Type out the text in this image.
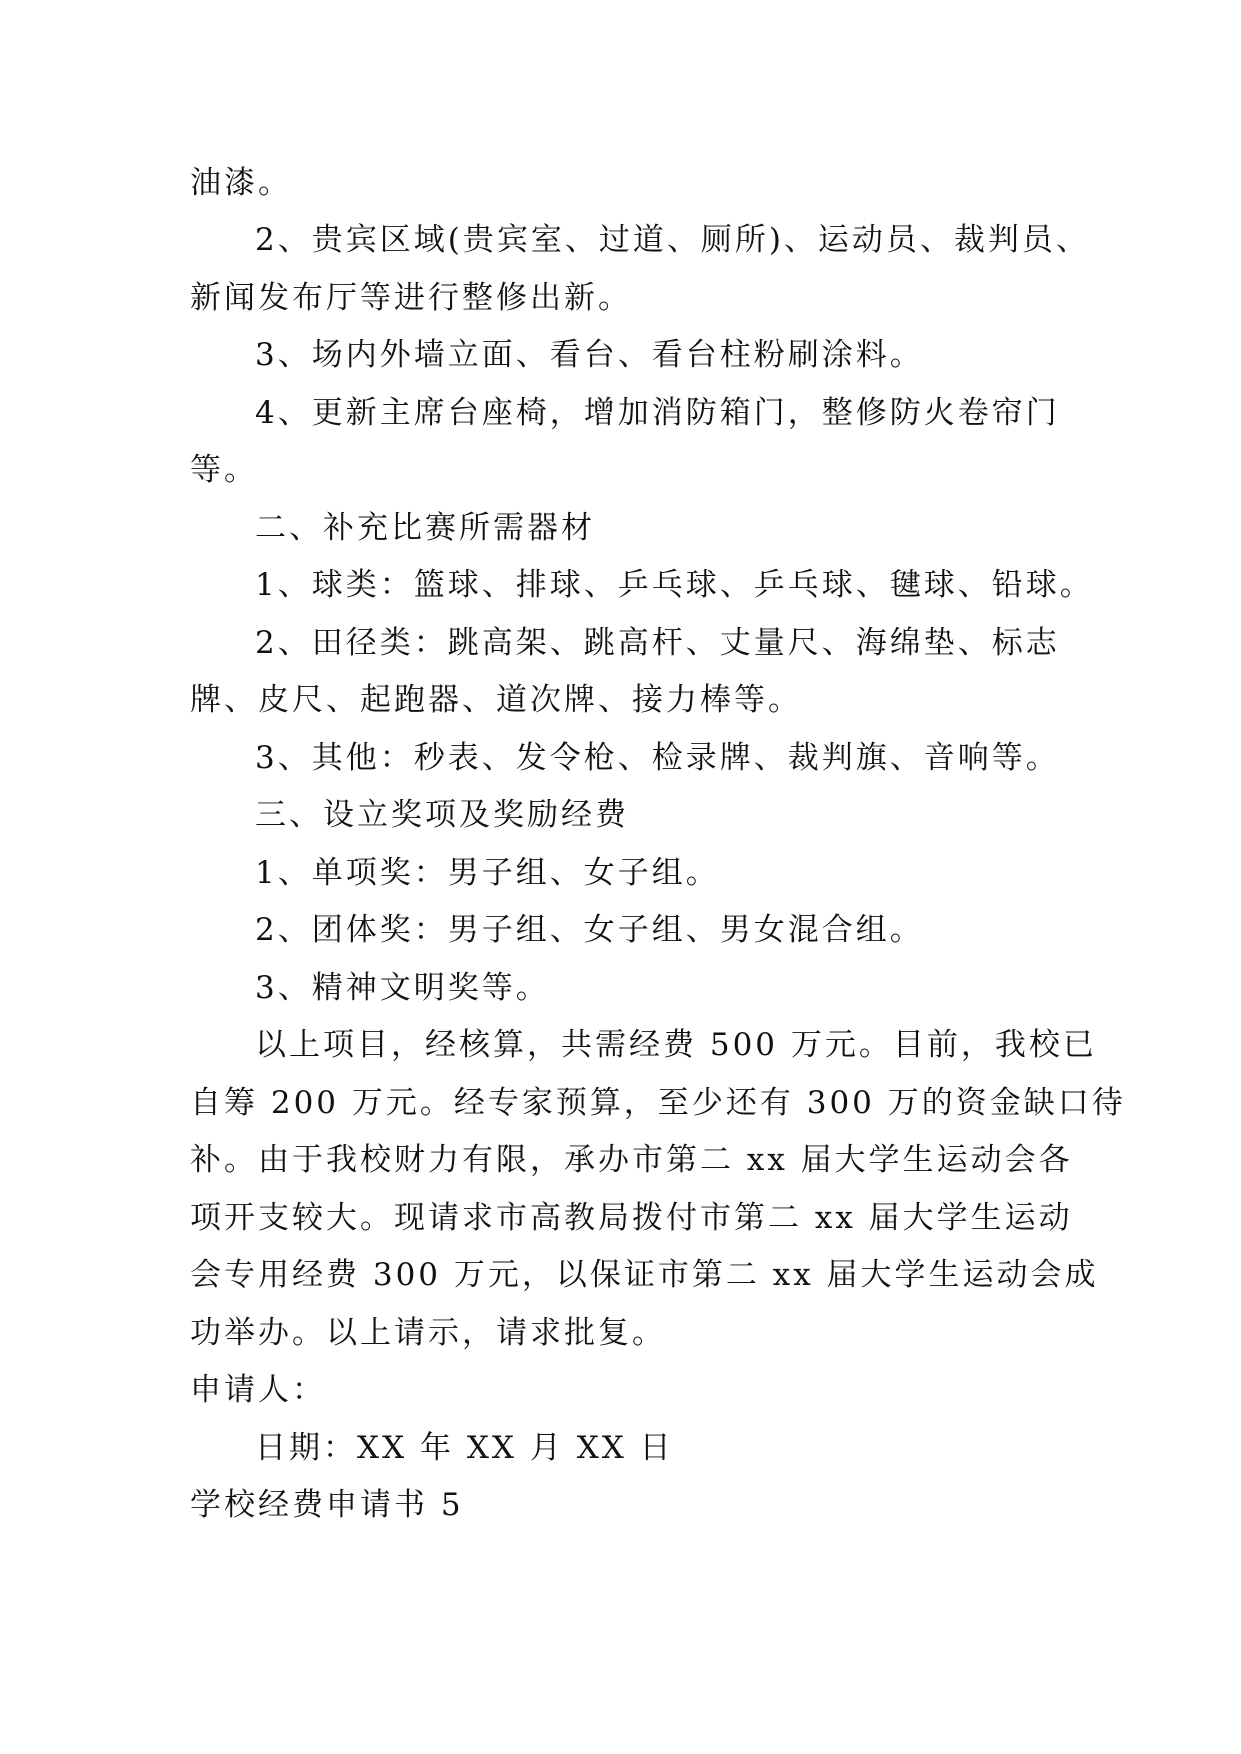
油漆。
2、贵宾区域(贵宾室、过道、厕所)、运动员、裁判员、
新闻发布厅等进行整修出新。
3、场内外墙立面、看台、看台柱粉刷涂料。
4、更新主席台座椅，增加消防箱门，整修防火卷帘门
等。
二、补充比赛所需器材
1、球类：篮球、排球、乒乓球、乒乓球、毽球、铅球。
2、田径类：跳高架、跳高杆、丈量尺、海绵垫、标志
牌、皮尺、起跑器、道次牌、接力棒等。
3、其他：秒表、发令枪、检录牌、裁判旗、音响等。
三、设立奖项及奖励经费
1、单项奖：男子组、女子组。
2、团体奖：男子组、女子组、男女混合组。
3、精神文明奖等。
以上项目，经核算，共需经费 500 万元。目前，我校已
自筹 200 万元。经专家预算，至少还有 300 万的资金缺口待
补。由于我校财力有限，承办市第二 xx 届大学生运动会各
项开支较大。现请求市高教局拨付市第二 xx 届大学生运动
会专用经费 300 万元，以保证市第二 xx 届大学生运动会成
功举办。以上请示，请求批复。
申请人：
日期：XX 年 XX 月 XX 日
学校经费申请书 5
